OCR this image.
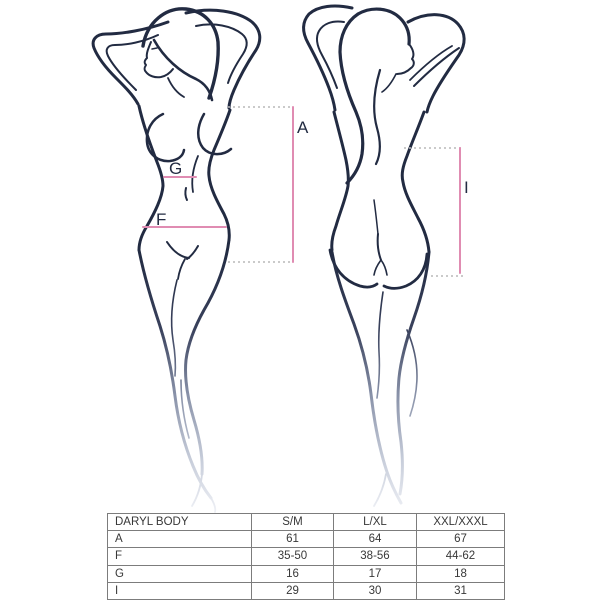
A
G
F
I
DARYL BODY	S/M	L/XL	XXL/XXXL
A	61	64	67
F	35-50	38-56	44-62
G	16	17	18
I	29	30	31
